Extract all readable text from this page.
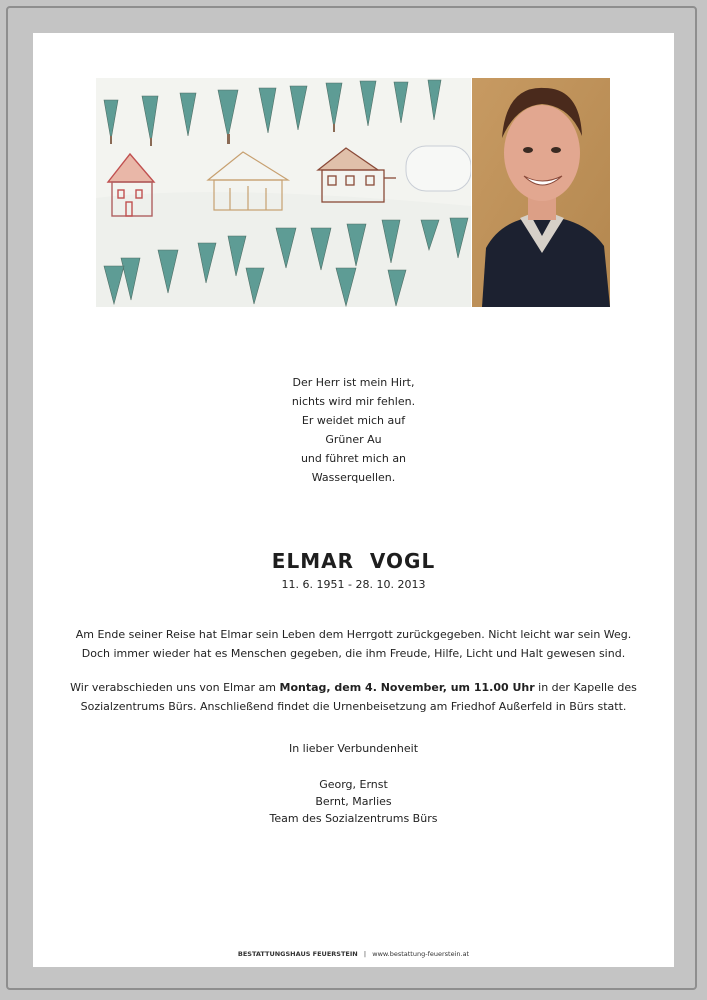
Der Herr ist mein Hirt,
nichts wird mir fehlen.
Er weidet mich auf
Grüner Au
und führet mich an
Wasserquellen.
ELMAR  VOGL
11. 6. 1951 - 28. 10. 2013
Am Ende seiner Reise hat Elmar sein Leben dem Herrgott zurückgegeben. Nicht leicht war sein Weg.
Doch immer wieder hat es Menschen gegeben, die ihm Freude, Hilfe, Licht und Halt gewesen sind.
Wir verabschieden uns von Elmar am Montag, dem 4. November, um 11.00 Uhr in der Kapelle des
Sozialzentrums Bürs. Anschließend findet die Urnenbeisetzung am Friedhof Außerfeld in Bürs statt.
In lieber Verbundenheit
Georg, Ernst
Bernt, Marlies
Team des Sozialzentrums Bürs
BESTATTUNGSHAUS FEUERSTEIN | www.bestattung-feuerstein.at
